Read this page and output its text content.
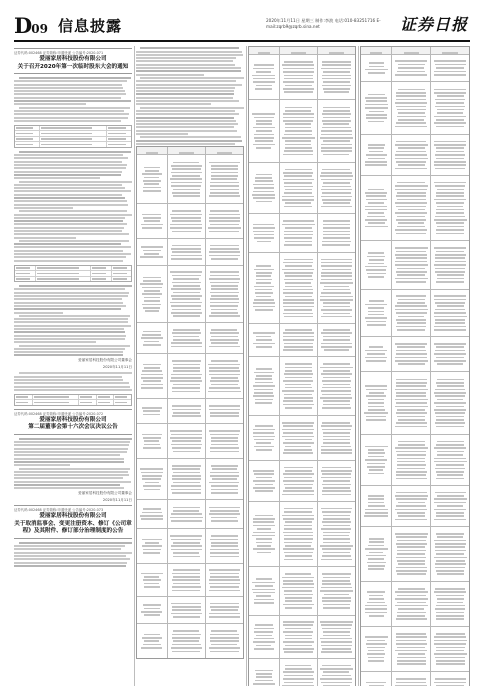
D09 信息披露	2020年11月11日 星期三 制作:李波 电话:010-83251716 E-mail:zqrb9@zqrb.sina.net	证券日报
证券代码:002468 证券简称:申通快递 公告编号:2020-071
爱丽家居科技股份有限公司
关于召开2020年第一次临时股东大会的通知
爱丽家居科技股份有限公司董事会
2020年11月11日
证券代码:002468 证券简称:申通快递 公告编号:2020-072
爱丽家居科技股份有限公司
第二届董事会第十六次会议决议公告
爱丽家居科技股份有限公司董事会
2020年11月11日
证券代码:002468 证券简称:申通快递 公告编号:2020-073
爱丽家居科技股份有限公司
关于取消监事会、变更注册资本、修订《公司章程》及其附件、修订部分治理制度的公告
